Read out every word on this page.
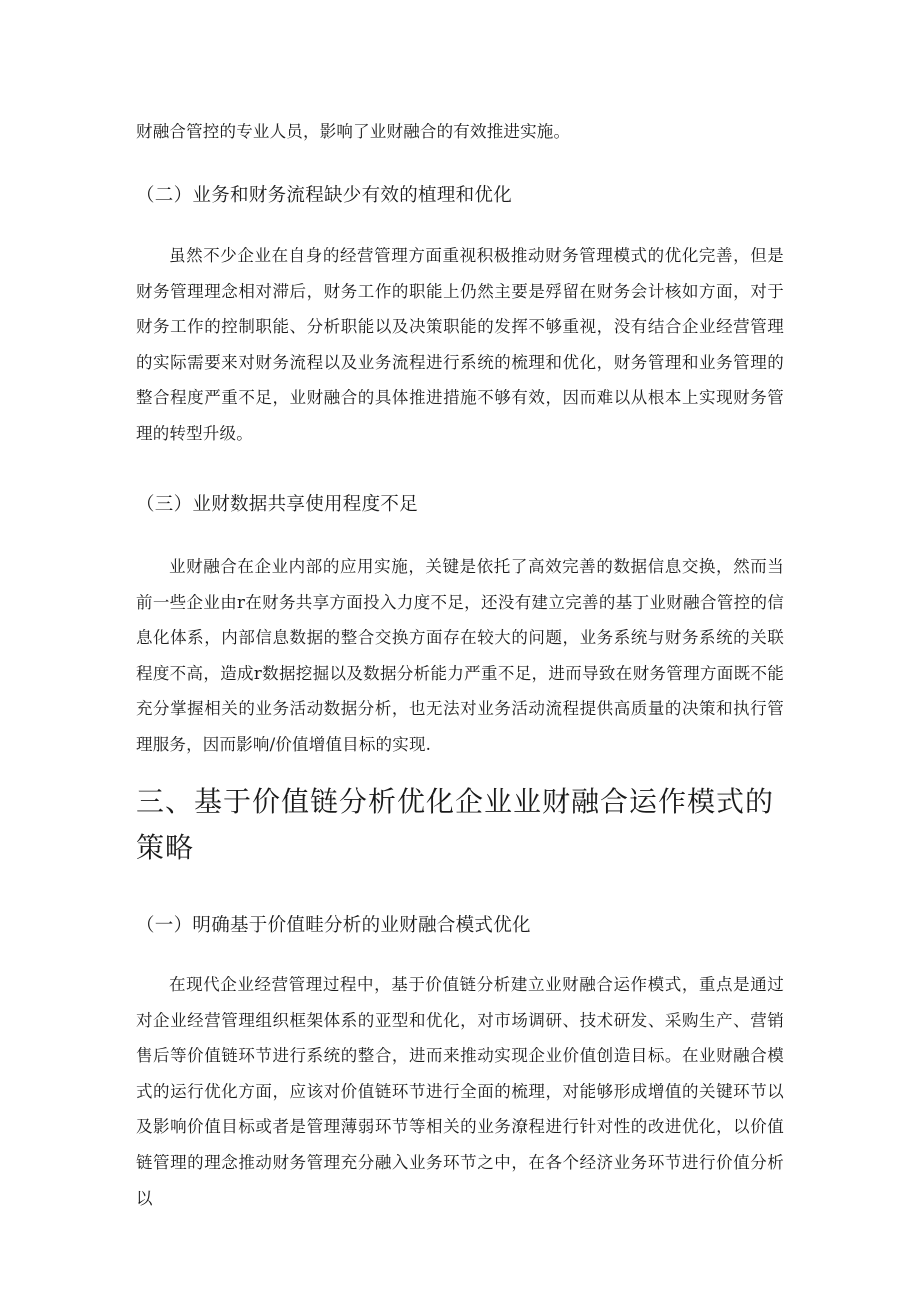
财融合管控的专业人员，影响了业财融合的有效推进实施。

（二）业务和财务流程缺少有效的植理和优化

虽然不少企业在自身的经营管理方面重视积极推动财务管理模式的优化完善，但是财务管理理念相对滞后，财务工作的职能上仍然主要是殍留在财务会计核如方面，对于财务工作的控制职能、分析职能以及决策职能的发挥不够重视，没有结合企业经营管理的实际需要来对财务流程以及业务流程进行系统的梳理和优化，财务管理和业务管理的整合程度严重不足，业财融合的具体推进措施不够有效，因而难以从根本上实现财务管理的转型升级。

（三）业财数据共享使用程度不足

业财融合在企业内部的应用实施，关键是依托了高效完善的数据信息交换，然而当前一些企业由r在财务共享方面投入力度不足，还没有建立完善的基丁业财融合管控的信息化体系，内部信息数据的整合交换方面存在较大的问题，业务系统与财务系统的关联程度不高，造成r数据挖掘以及数据分析能力严重不足，进而导致在财务管理方面既不能充分掌握相关的业务活动数据分析，也无法对业务活动流程提供高质量的决策和执行管理服务，因而影响/价值增值目标的实现.

三、基于价值链分析优化企业业财融合运作模式的策略
（一）明确基于价值畦分析的业财融合模式优化

在现代企业经营管理过程中，基于价值链分析建立业财融合运作模式，重点是通过对企业经营管理组织框架体系的亚型和优化，对市场调研、技术研发、采购生产、营销售后等价值链环节进行系统的整合，进而来推动实现企业价值创造目标。在业财融合模式的运行优化方面，应该对价值链环节进行全面的梳理，对能够形成增值的关键环节以及影响价值目标或者是管理薄弱环节等相关的业务潦程进行针对性的改进优化，以价值链管理的理念推动财务管理充分融入业务环节之中，在各个经济业务环节进行价值分析以
